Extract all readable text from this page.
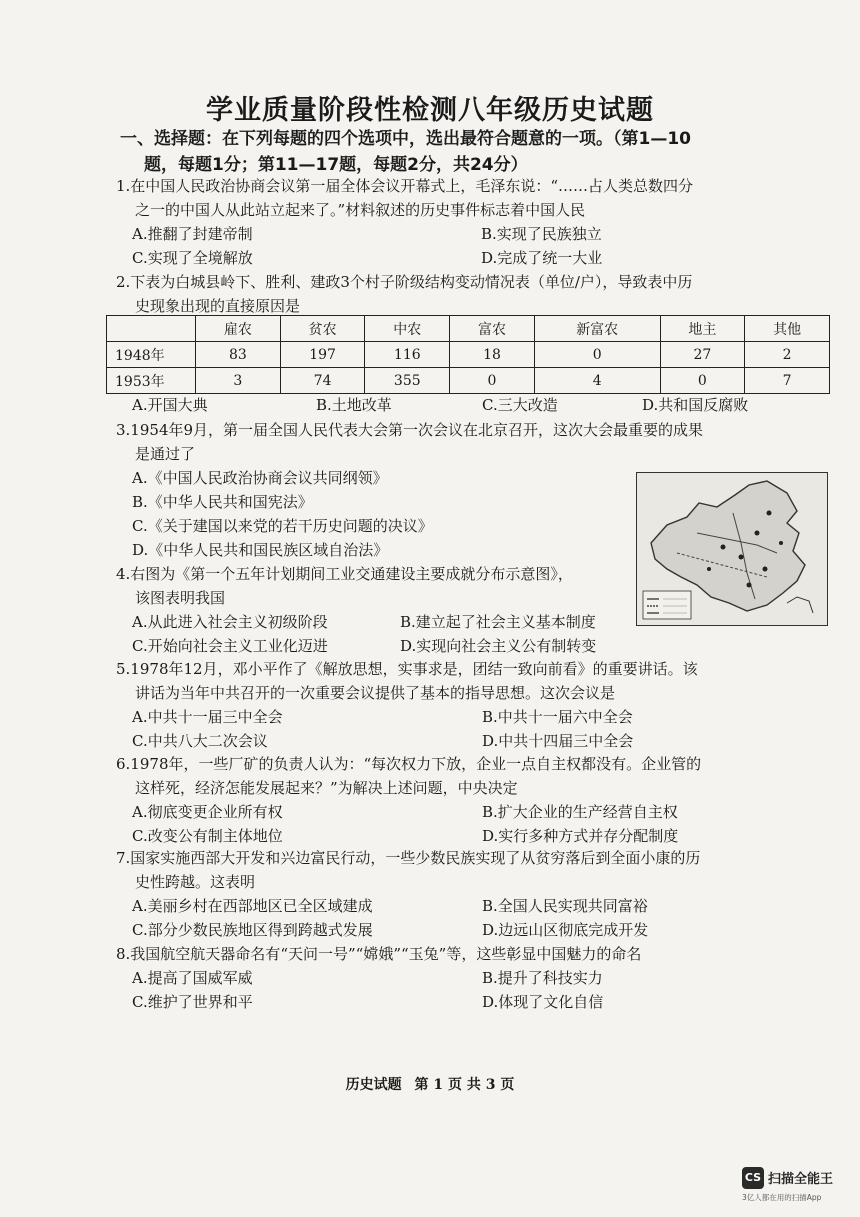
学业质量阶段性检测八年级历史试题
一、选择题：在下列每题的四个选项中，选出最符合题意的一项。（第1—10
题，每题1分；第11—17题，每题2分，共24分）
1.在中国人民政治协商会议第一届全体会议开幕式上，毛泽东说：“……占人类总数四分
之一的中国人从此站立起来了。”材料叙述的历史事件标志着中国人民
A.推翻了封建帝制	B.实现了民族独立
C.实现了全境解放	D.完成了统一大业
2.下表为白城县岭下、胜利、建政3个村子阶级结构变动情况表（单位/户），导致表中历
史现象出现的直接原因是
	雇农	贫农	中农	富农	新富农	地主	其他
1948年	83	197	116	18	0	27	2
1953年	3	74	355	0	4	0	7
A.开国大典	B.土地改革	C.三大改造	D.共和国反腐败
3.1954年9月，第一届全国人民代表大会第一次会议在北京召开，这次大会最重要的成果
是通过了
A.《中国人民政治协商会议共同纲领》
B.《中华人民共和国宪法》
C.《关于建国以来党的若干历史问题的决议》
D.《中华人民共和国民族区域自治法》
4.右图为《第一个五年计划期间工业交通建设主要成就分布示意图》，
该图表明我国
A.从此进入社会主义初级阶段	B.建立起了社会主义基本制度
C.开始向社会主义工业化迈进	D.实现向社会主义公有制转变
5.1978年12月，邓小平作了《解放思想，实事求是，团结一致向前看》的重要讲话。该
讲话为当年中共召开的一次重要会议提供了基本的指导思想。这次会议是
A.中共十一届三中全会	B.中共十一届六中全会
C.中共八大二次会议	D.中共十四届三中全会
6.1978年，一些厂矿的负责人认为：“每次权力下放，企业一点自主权都没有。企业管的
这样死，经济怎能发展起来？”为解决上述问题，中央决定
A.彻底变更企业所有权	B.扩大企业的生产经营自主权
C.改变公有制主体地位	D.实行多种方式并存分配制度
7.国家实施西部大开发和兴边富民行动，一些少数民族实现了从贫穷落后到全面小康的历
史性跨越。这表明
A.美丽乡村在西部地区已全区域建成	B.全国人民实现共同富裕
C.部分少数民族地区得到跨越式发展	D.边远山区彻底完成开发
8.我国航空航天器命名有“天问一号”“嫦娥”“玉兔”等，这些彰显中国魅力的命名
A.提高了国威军威	B.提升了科技实力
C.维护了世界和平	D.体现了文化自信
历史试题 第 1 页 共 3 页
CS 扫描全能王
3亿人都在用的扫描App
